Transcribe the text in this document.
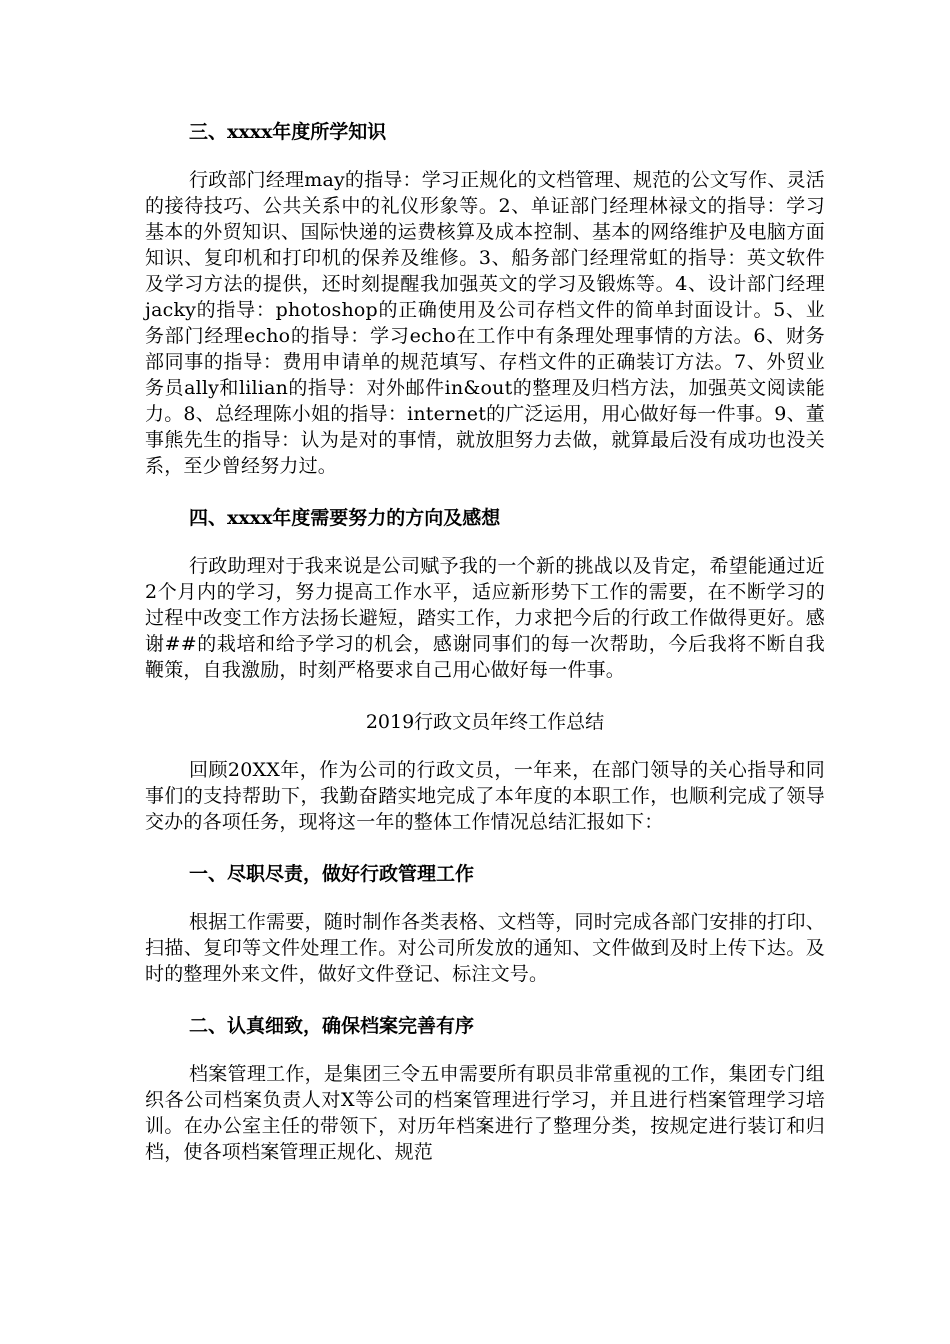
三、xxxx年度所学知识

行政部门经理may的指导：学习正规化的文档管理、规范的公文写作、灵活的接待技巧、公共关系中的礼仪形象等。2、单证部门经理林禄文的指导：学习基本的外贸知识、国际快递的运费核算及成本控制、基本的网络维护及电脑方面知识、复印机和打印机的保养及维修。3、船务部门经理常虹的指导：英文软件及学习方法的提供，还时刻提醒我加强英文的学习及锻炼等。4、设计部门经理jacky的指导：photoshop的正确使用及公司存档文件的简单封面设计。5、业务部门经理echo的指导：学习echo在工作中有条理处理事情的方法。6、财务部同事的指导：费用申请单的规范填写、存档文件的正确装订方法。7、外贸业务员ally和lilian的指导：对外邮件in&out的整理及归档方法，加强英文阅读能力。8、总经理陈小姐的指导：internet的广泛运用，用心做好每一件事。9、董事熊先生的指导：认为是对的事情，就放胆努力去做，就算最后没有成功也没关系，至少曾经努力过。

四、xxxx年度需要努力的方向及感想

行政助理对于我来说是公司赋予我的一个新的挑战以及肯定，希望能通过近2个月内的学习，努力提高工作水平，适应新形势下工作的需要，在不断学习的过程中改变工作方法扬长避短，踏实工作，力求把今后的行政工作做得更好。感谢##的栽培和给予学习的机会，感谢同事们的每一次帮助，今后我将不断自我鞭策，自我激励，时刻严格要求自己用心做好每一件事。

2019行政文员年终工作总结

回顾20XX年，作为公司的行政文员，一年来，在部门领导的关心指导和同事们的支持帮助下，我勤奋踏实地完成了本年度的本职工作，也顺利完成了领导交办的各项任务，现将这一年的整体工作情况总结汇报如下：

一、尽职尽责，做好行政管理工作

根据工作需要，随时制作各类表格、文档等，同时完成各部门安排的打印、扫描、复印等文件处理工作。对公司所发放的通知、文件做到及时上传下达。及时的整理外来文件，做好文件登记、标注文号。

二、认真细致，确保档案完善有序

档案管理工作，是集团三令五申需要所有职员非常重视的工作，集团专门组织各公司档案负责人对X等公司的档案管理进行学习，并且进行档案管理学习培训。在办公室主任的带领下，对历年档案进行了整理分类，按规定进行装订和归档，使各项档案管理正规化、规范
